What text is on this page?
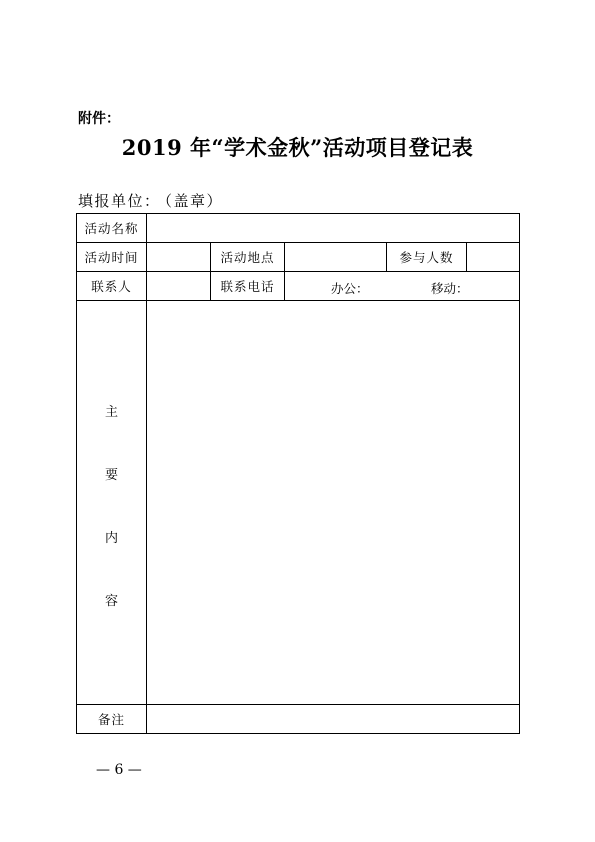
附件：
2019 年“学术金秋”活动项目登记表
填报单位： （盖章）
活动名称					
活动时间		活动地点		参与人数	
联系人		联系电话	办公： 移动：		

主
要
内
容					

备注					
— 6 —
